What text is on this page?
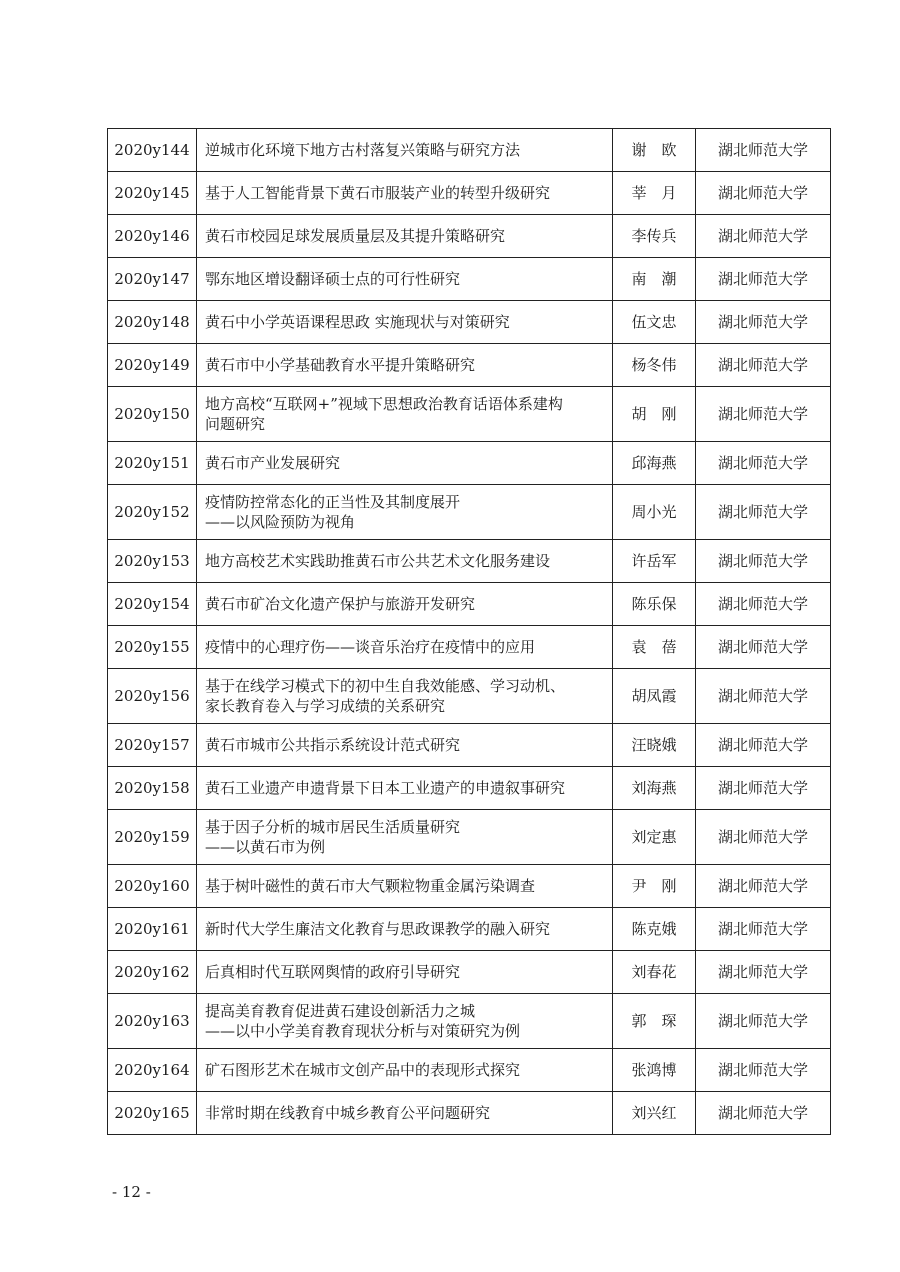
2020y144	逆城市化环境下地方古村落复兴策略与研究方法	谢　欧	湖北师范大学
2020y145	基于人工智能背景下黄石市服装产业的转型升级研究	莘　月	湖北师范大学
2020y146	黄石市校园足球发展质量层及其提升策略研究	李传兵	湖北师范大学
2020y147	鄂东地区增设翻译硕士点的可行性研究	南　潮	湖北师范大学
2020y148	黄石中小学英语课程思政 实施现状与对策研究	伍文忠	湖北师范大学
2020y149	黄石市中小学基础教育水平提升策略研究	杨冬伟	湖北师范大学
2020y150	地方高校“互联网+”视域下思想政治教育话语体系建构
问题研究	胡　刚	湖北师范大学
2020y151	黄石市产业发展研究	邱海燕	湖北师范大学
2020y152	疫情防控常态化的正当性及其制度展开
——以风险预防为视角	周小光	湖北师范大学
2020y153	地方高校艺术实践助推黄石市公共艺术文化服务建设	许岳军	湖北师范大学
2020y154	黄石市矿冶文化遗产保护与旅游开发研究	陈乐保	湖北师范大学
2020y155	疫情中的心理疗伤——谈音乐治疗在疫情中的应用	袁　蓓	湖北师范大学
2020y156	基于在线学习模式下的初中生自我效能感、学习动机、
家长教育卷入与学习成绩的关系研究	胡凤霞	湖北师范大学
2020y157	黄石市城市公共指示系统设计范式研究	汪晓娥	湖北师范大学
2020y158	黄石工业遗产申遗背景下日本工业遗产的申遗叙事研究	刘海燕	湖北师范大学
2020y159	基于因子分析的城市居民生活质量研究
——以黄石市为例	刘定惠	湖北师范大学
2020y160	基于树叶磁性的黄石市大气颗粒物重金属污染调查	尹　刚	湖北师范大学
2020y161	新时代大学生廉洁文化教育与思政课教学的融入研究	陈克娥	湖北师范大学
2020y162	后真相时代互联网舆情的政府引导研究	刘春花	湖北师范大学
2020y163	提高美育教育促进黄石建设创新活力之城
——以中小学美育教育现状分析与对策研究为例	郭　琛	湖北师范大学
2020y164	矿石图形艺术在城市文创产品中的表现形式探究	张鸿博	湖北师范大学
2020y165	非常时期在线教育中城乡教育公平问题研究	刘兴红	湖北师范大学
- 12 -
